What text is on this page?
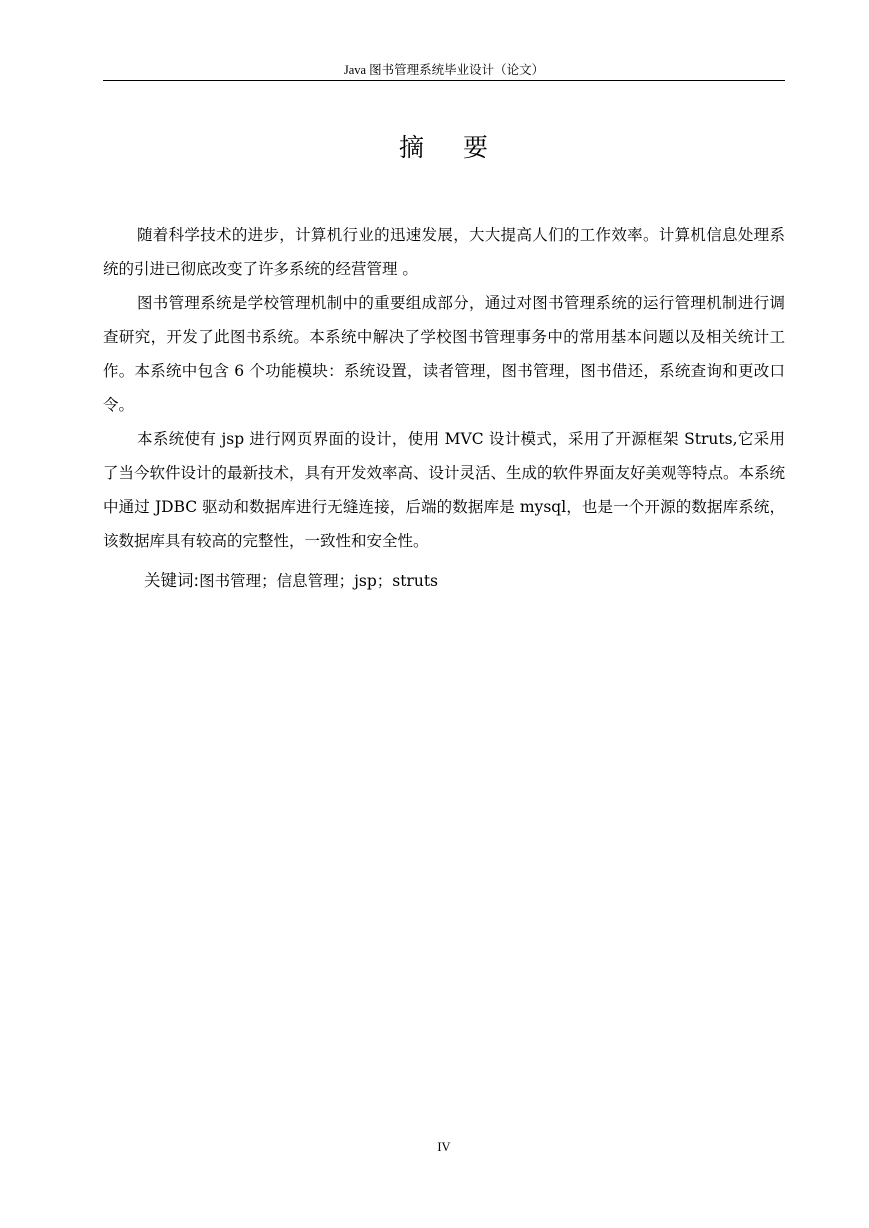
Java 图书管理系统毕业设计（论文）
摘 要

随着科学技术的进步，计算机行业的迅速发展，大大提高人们的工作效率。计算机信息处理系统的引进已彻底改变了许多系统的经营管理 。

图书管理系统是学校管理机制中的重要组成部分，通过对图书管理系统的运行管理机制进行调查研究，开发了此图书系统。本系统中解决了学校图书管理事务中的常用基本问题以及相关统计工作。本系统中包含 6 个功能模块：系统设置，读者管理，图书管理，图书借还，系统查询和更改口令。

本系统使有 jsp 进行网页界面的设计，使用 MVC 设计模式，采用了开源框架 Struts,它采用了当今软件设计的最新技术，具有开发效率高、设计灵活、生成的软件界面友好美观等特点。本系统中通过 JDBC 驱动和数据库进行无缝连接，后端的数据库是 mysql，也是一个开源的数据库系统，该数据库具有较高的完整性，一致性和安全性。

关键词:图书管理；信息管理；jsp；struts
IV
